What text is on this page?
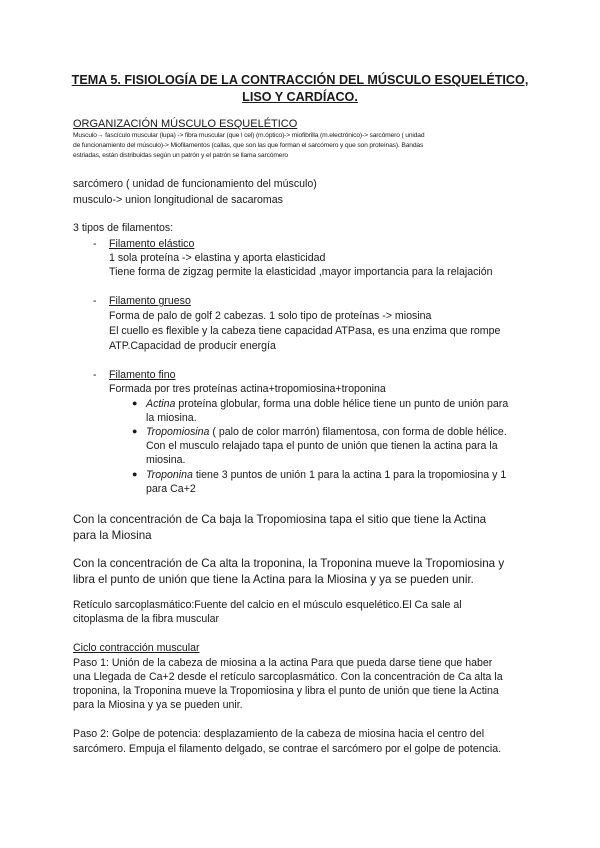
TEMA 5. FISIOLOGÍA DE LA CONTRACCIÓN DEL MÚSCULO ESQUELÉTICO,
LISO Y CARDÍACO.
ORGANIZACIÓN MÚSCULO ESQUELÉTICO
Musculo→ fascículo muscular (lupa) -> fibra muscular (que l cel) (m.óptico)-> miofibrilla (m.electrónico)-> sarcómero ( unidad
de funcionamiento del músculo)-> Miofilamentos (callas, que son las que forman el sarcómero y que son proteínas). Bandas
estriadas, están distribuidas según un patrón y el patrón se llama sarcómero
sarcómero ( unidad de funcionamiento del músculo)
musculo-> union longitudional de sacaromas
3 tipos de filamentos:
- Filamento elástico
1 sola proteína -> elastina y aporta elasticidad
Tiene forma de zigzag permite la elasticidad ,mayor importancia para la relajación
- Filamento grueso
Forma de palo de golf 2 cabezas. 1 solo tipo de proteínas -> miosina
El cuello es flexible y la cabeza tiene capacidad ATPasa, es una enzima que rompe
ATP.Capacidad de producir energía
- Filamento fino
Formada por tres proteínas actina+tropomiosina+troponina
● Actina proteína globular, forma una doble hélice tiene un punto de unión para
la miosina.
● Tropomiosina ( palo de color marrón) filamentosa, con forma de doble hélice.
Con el musculo relajado tapa el punto de unión que tienen la actina para la
miosina.
● Troponina tiene 3 puntos de unión 1 para la actina 1 para la tropomiosina y 1
para Ca+2
Con la concentración de Ca baja la Tropomiosina tapa el sitio que tiene la Actina
para la Miosina
Con la concentración de Ca alta la troponina, la Troponina mueve la Tropomiosina y
libra el punto de unión que tiene la Actina para la Miosina y ya se pueden unir.
Retículo sarcoplasmático:Fuente del calcio en el músculo esquelético.El Ca sale al
citoplasma de la fibra muscular
Ciclo contracción muscular
Paso 1: Unión de la cabeza de miosina a la actina Para que pueda darse tiene que haber
una Llegada de Ca+2 desde el retículo sarcoplasmático. Con la concentración de Ca alta la
troponina, la Troponina mueve la Tropomiosina y libra el punto de unión que tiene la Actina
para la Miosina y ya se pueden unir.
Paso 2: Golpe de potencia: desplazamiento de la cabeza de miosina hacia el centro del
sarcómero. Empuja el filamento delgado, se contrae el sarcómero por el golpe de potencia.
